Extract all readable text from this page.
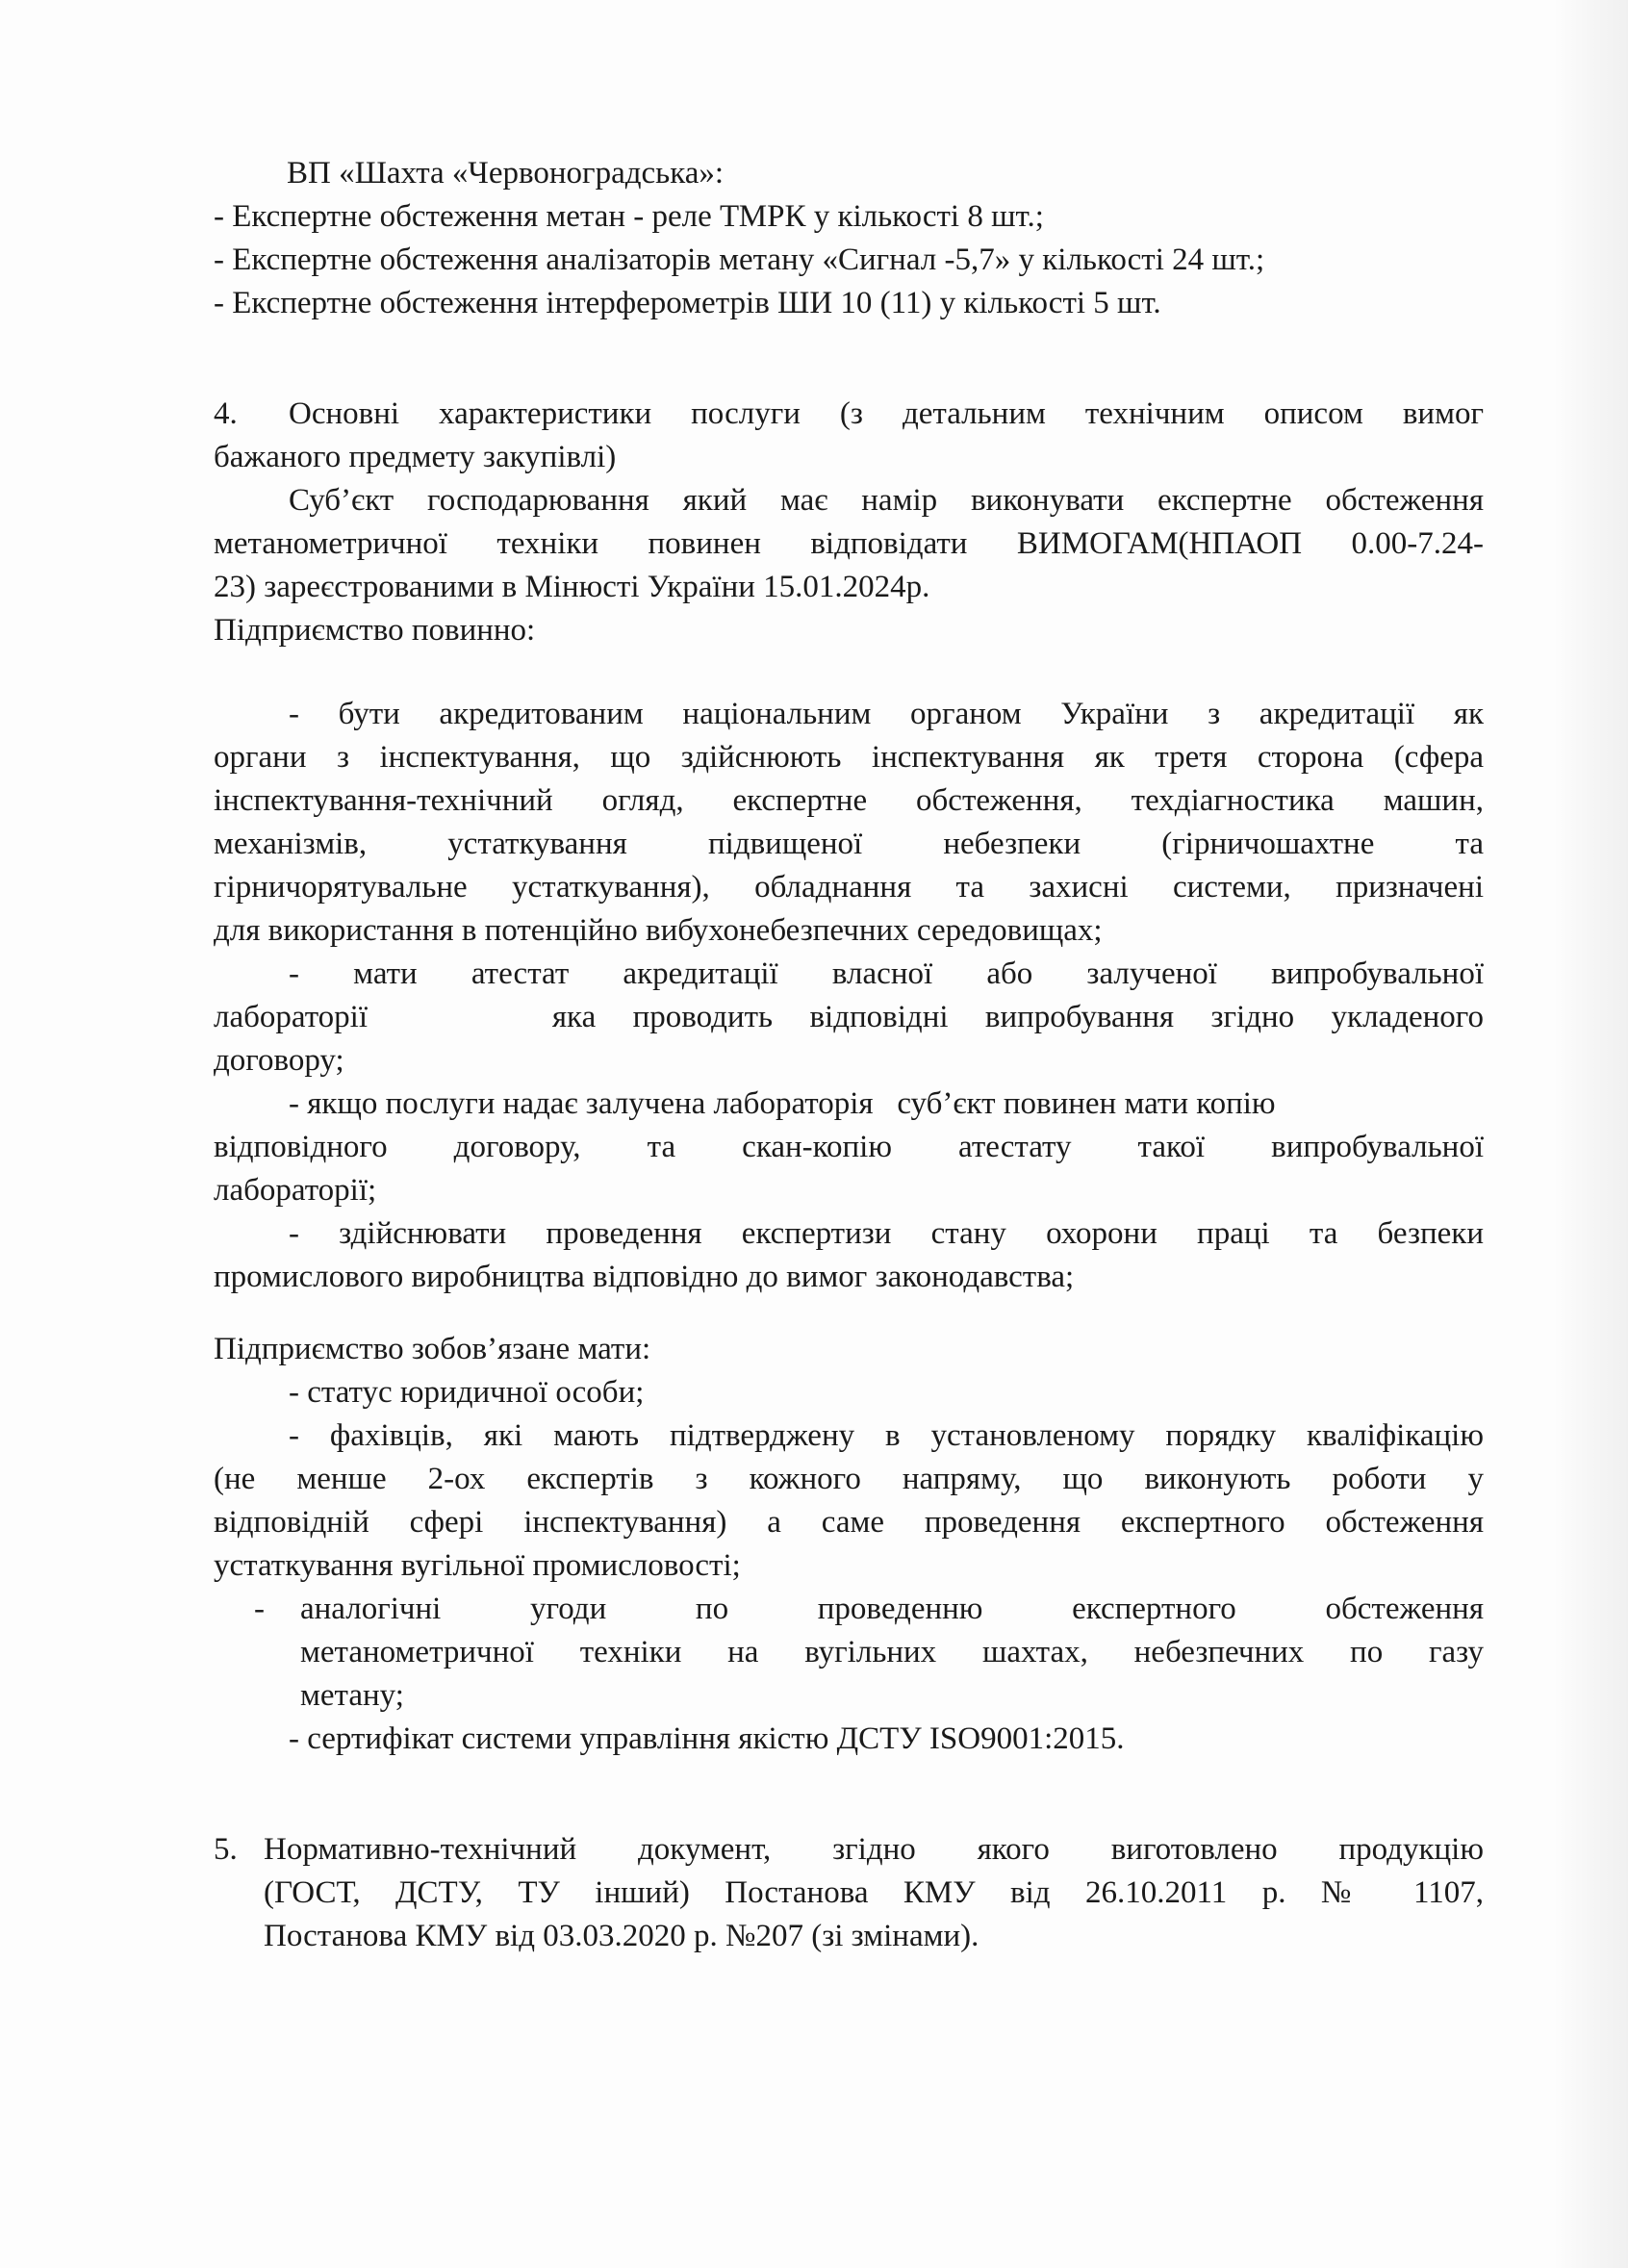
ВП «Шахта «Червоноградська»:

- Експертне обстеження метан - реле ТМРК у кількості 8 шт.;

- Експертне обстеження аналізаторів метану «Сигнал -5,7» у кількості 24 шт.;

- Експертне обстеження інтерферометрів ШИ 10 (11) у кількості 5 шт.

4. Основні характеристики послуги (з детальним технічним описом вимог

бажаного предмету закупівлі)

Суб’єкт господарювання який має намір виконувати експертне обстеження

метанометричної техніки повинен відповідати ВИМОГАМ(НПАОП 0.00-7.24-

23) зареєстрованими в Мінюсті України 15.01.2024р.

Підприємство повинно:

- бути акредитованим національним органом України з акредитації як

органи з інспектування, що здійснюють інспектування як третя сторона (сфера

інспектування-технічний огляд, експертне обстеження, техдіагностика машин,

механізмів, устаткування підвищеної небезпеки (гірничошахтне та

гірничорятувальне устаткування), обладнання та захисні системи, призначені

для використання в потенційно вибухонебезпечних середовищах;

- мати атестат акредитації власної або залученої випробувальної

лабораторії     яка проводить відповідні випробування згідно укладеного

договору;

- якщо послуги надає залучена лабораторія   суб’єкт повинен мати копію

відповідного договору, та скан-копію атестату такої випробувальної

лабораторії;

- здійснювати проведення експертизи стану охорони праці та безпеки

промислового виробництва відповідно до вимог законодавства;

Підприємство зобов’язане мати:

- статус юридичної особи;

- фахівців, які мають підтверджену в установленому порядку кваліфікацію

(не менше 2-ох експертів з кожного напряму, що виконують роботи у

відповідній сфері інспектування) а саме проведення експертного обстеження

устаткування вугільної промисловості;

-	аналогічні угоди по проведенню експертного обстеження

метанометричної техніки на вугільних шахтах, небезпечних по газу

метану;

- сертифікат системи управління якістю ДСТУ ISO9001:2015.

5. Нормативно-технічний документ, згідно якого виготовлено продукцію

(ГОСТ, ДСТУ, ТУ інший) Постанова КМУ від 26.10.2011 р. № 1107,

Постанова КМУ від 03.03.2020 р. №207 (зі змінами).
